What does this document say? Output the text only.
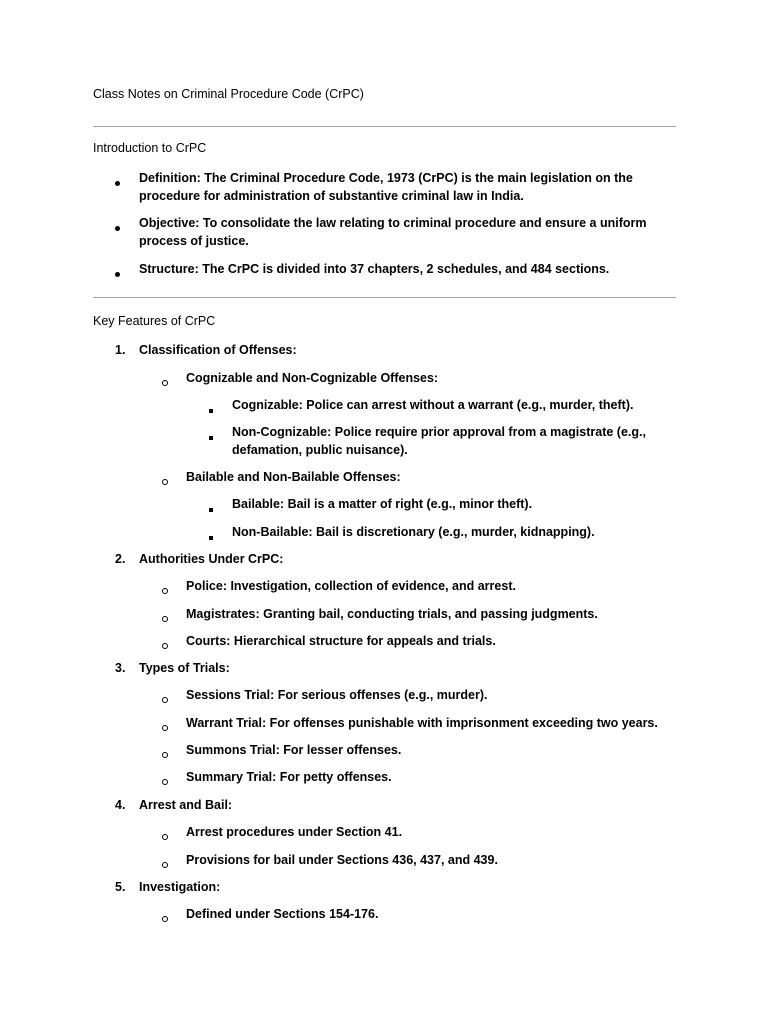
Class Notes on Criminal Procedure Code (CrPC)
Introduction to CrPC
Definition: The Criminal Procedure Code, 1973 (CrPC) is the main legislation on the
procedure for administration of substantive criminal law in India.
Objective: To consolidate the law relating to criminal procedure and ensure a uniform
process of justice.
Structure: The CrPC is divided into 37 chapters, 2 schedules, and 484 sections.
Key Features of CrPC
1. Classification of Offenses:
Cognizable and Non-Cognizable Offenses:
Cognizable: Police can arrest without a warrant (e.g., murder, theft).
Non-Cognizable: Police require prior approval from a magistrate (e.g.,
defamation, public nuisance).
Bailable and Non-Bailable Offenses:
Bailable: Bail is a matter of right (e.g., minor theft).
Non-Bailable: Bail is discretionary (e.g., murder, kidnapping).
2. Authorities Under CrPC:
Police: Investigation, collection of evidence, and arrest.
Magistrates: Granting bail, conducting trials, and passing judgments.
Courts: Hierarchical structure for appeals and trials.
3. Types of Trials:
Sessions Trial: For serious offenses (e.g., murder).
Warrant Trial: For offenses punishable with imprisonment exceeding two years.
Summons Trial: For lesser offenses.
Summary Trial: For petty offenses.
4. Arrest and Bail:
Arrest procedures under Section 41.
Provisions for bail under Sections 436, 437, and 439.
5. Investigation:
Defined under Sections 154-176.
